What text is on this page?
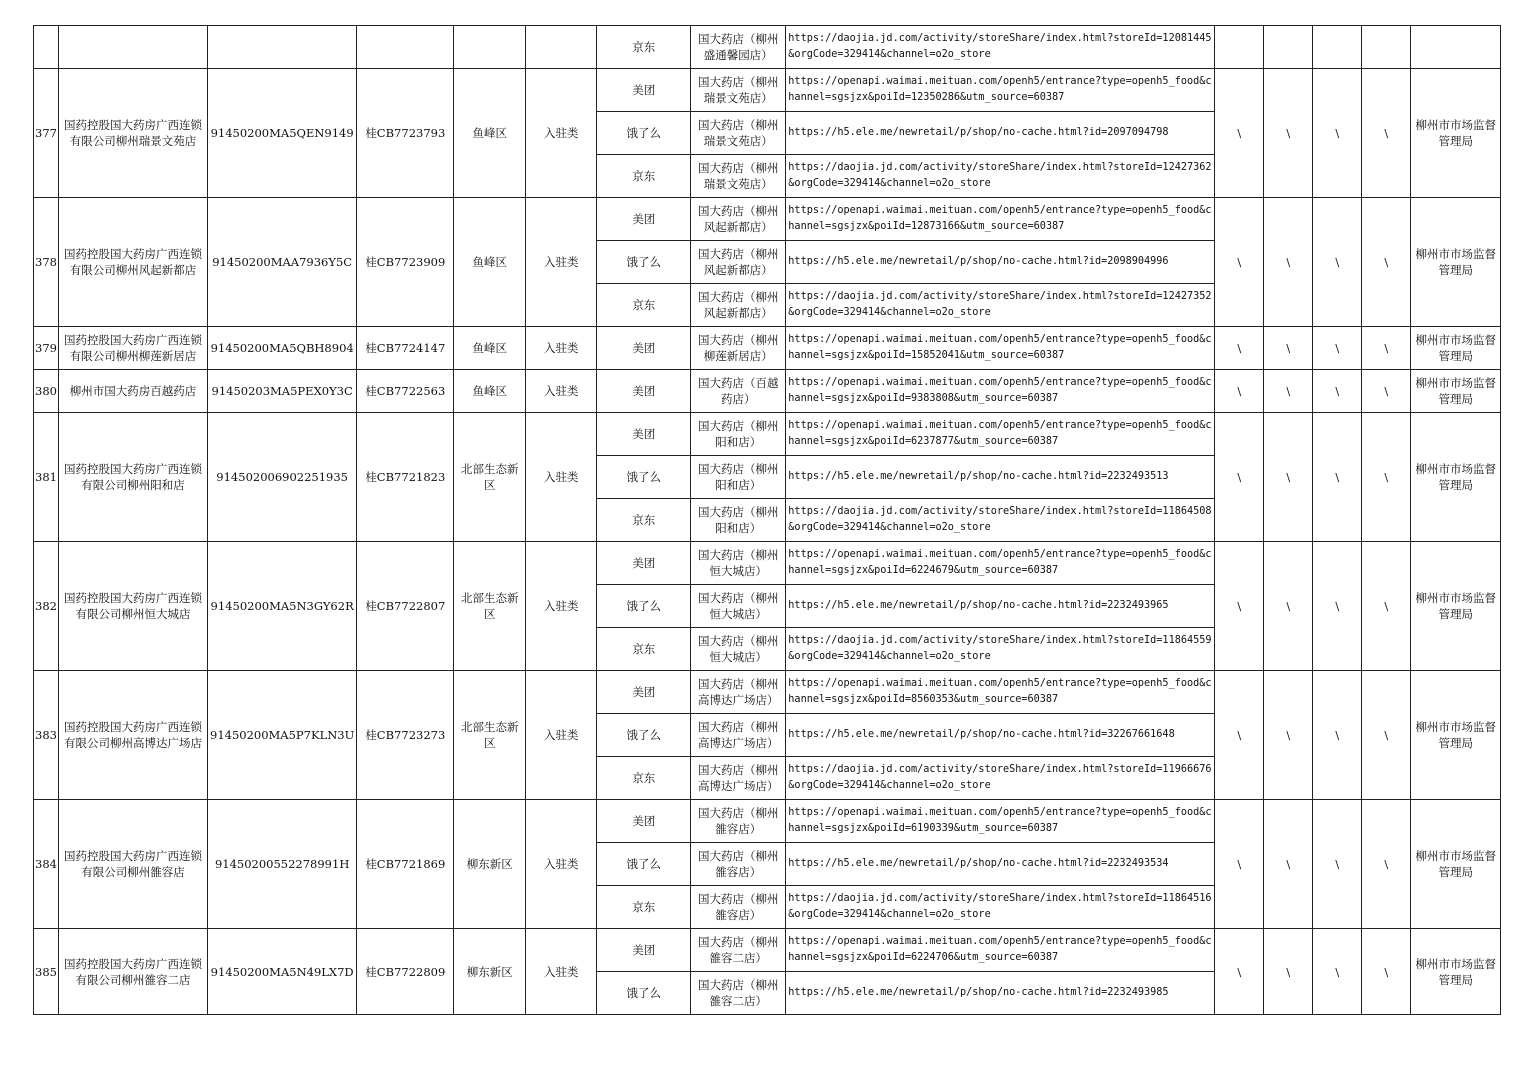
						京东	国大药店（柳州盛通馨园店）	https://daojia.jd.com/activity/storeShare/index.html?storeId=12081445&orgCode=329414&channel=o2o_store					
377	国药控股国大药房广西连锁有限公司柳州瑞景文苑店	91450200MA5QEN9149	桂CB7723793	鱼峰区	入驻类	美团	国大药店（柳州瑞景文苑店）	https://openapi.waimai.meituan.com/openh5/entrance?type=openh5_food&channel=sgsjzx&poiId=12350286&utm_source=60387	\	\	\	\	柳州市市场监督管理局
						饿了么	国大药店（柳州瑞景文苑店）	https://h5.ele.me/newretail/p/shop/no-cache.html?id=2097094798					
						京东	国大药店（柳州瑞景文苑店）	https://daojia.jd.com/activity/storeShare/index.html?storeId=12427362&orgCode=329414&channel=o2o_store					
378	国药控股国大药房广西连锁有限公司柳州风起新都店	91450200MAA7936Y5C	桂CB7723909	鱼峰区	入驻类	美团	国大药店（柳州风起新都店）	https://openapi.waimai.meituan.com/openh5/entrance?type=openh5_food&channel=sgsjzx&poiId=12873166&utm_source=60387	\	\	\	\	柳州市市场监督管理局
						饿了么	国大药店（柳州风起新都店）	https://h5.ele.me/newretail/p/shop/no-cache.html?id=2098904996					
						京东	国大药店（柳州风起新都店）	https://daojia.jd.com/activity/storeShare/index.html?storeId=12427352&orgCode=329414&channel=o2o_store					
379	国药控股国大药房广西连锁有限公司柳州柳莲新居店	91450200MA5QBH8904	桂CB7724147	鱼峰区	入驻类	美团	国大药店（柳州柳莲新居店）	https://openapi.waimai.meituan.com/openh5/entrance?type=openh5_food&channel=sgsjzx&poiId=15852041&utm_source=60387	\	\	\	\	柳州市市场监督管理局
380	柳州市国大药房百越药店	91450203MA5PEX0Y3C	桂CB7722563	鱼峰区	入驻类	美团	国大药店（百越药店）	https://openapi.waimai.meituan.com/openh5/entrance?type=openh5_food&channel=sgsjzx&poiId=9383808&utm_source=60387	\	\	\	\	柳州市市场监督管理局
381	国药控股国大药房广西连锁有限公司柳州阳和店	914502006902251935	桂CB7721823	北部生态新区	入驻类	美团	国大药店（柳州阳和店）	https://openapi.waimai.meituan.com/openh5/entrance?type=openh5_food&channel=sgsjzx&poiId=6237877&utm_source=60387	\	\	\	\	柳州市市场监督管理局
						饿了么	国大药店（柳州阳和店）	https://h5.ele.me/newretail/p/shop/no-cache.html?id=2232493513					
						京东	国大药店（柳州阳和店）	https://daojia.jd.com/activity/storeShare/index.html?storeId=11864508&orgCode=329414&channel=o2o_store					
382	国药控股国大药房广西连锁有限公司柳州恒大城店	91450200MA5N3GY62R	桂CB7722807	北部生态新区	入驻类	美团	国大药店（柳州恒大城店）	https://openapi.waimai.meituan.com/openh5/entrance?type=openh5_food&channel=sgsjzx&poiId=6224679&utm_source=60387	\	\	\	\	柳州市市场监督管理局
						饿了么	国大药店（柳州恒大城店）	https://h5.ele.me/newretail/p/shop/no-cache.html?id=2232493965					
						京东	国大药店（柳州恒大城店）	https://daojia.jd.com/activity/storeShare/index.html?storeId=11864559&orgCode=329414&channel=o2o_store					
383	国药控股国大药房广西连锁有限公司柳州高博达广场店	91450200MA5P7KLN3U	桂CB7723273	北部生态新区	入驻类	美团	国大药店（柳州高博达广场店）	https://openapi.waimai.meituan.com/openh5/entrance?type=openh5_food&channel=sgsjzx&poiId=8560353&utm_source=60387	\	\	\	\	柳州市市场监督管理局
						饿了么	国大药店（柳州高博达广场店）	https://h5.ele.me/newretail/p/shop/no-cache.html?id=32267661648					
						京东	国大药店（柳州高博达广场店）	https://daojia.jd.com/activity/storeShare/index.html?storeId=11966676&orgCode=329414&channel=o2o_store					
384	国药控股国大药房广西连锁有限公司柳州雒容店	91450200552278991H	桂CB7721869	柳东新区	入驻类	美团	国大药店（柳州雒容店）	https://openapi.waimai.meituan.com/openh5/entrance?type=openh5_food&channel=sgsjzx&poiId=6190339&utm_source=60387	\	\	\	\	柳州市市场监督管理局
						饿了么	国大药店（柳州雒容店）	https://h5.ele.me/newretail/p/shop/no-cache.html?id=2232493534					
						京东	国大药店（柳州雒容店）	https://daojia.jd.com/activity/storeShare/index.html?storeId=11864516&orgCode=329414&channel=o2o_store					
385	国药控股国大药房广西连锁有限公司柳州雒容二店	91450200MA5N49LX7D	桂CB7722809	柳东新区	入驻类	美团	国大药店（柳州雒容二店）	https://openapi.waimai.meituan.com/openh5/entrance?type=openh5_food&channel=sgsjzx&poiId=6224706&utm_source=60387	\	\	\	\	柳州市市场监督管理局
						饿了么	国大药店（柳州雒容二店）	https://h5.ele.me/newretail/p/shop/no-cache.html?id=2232493985					
